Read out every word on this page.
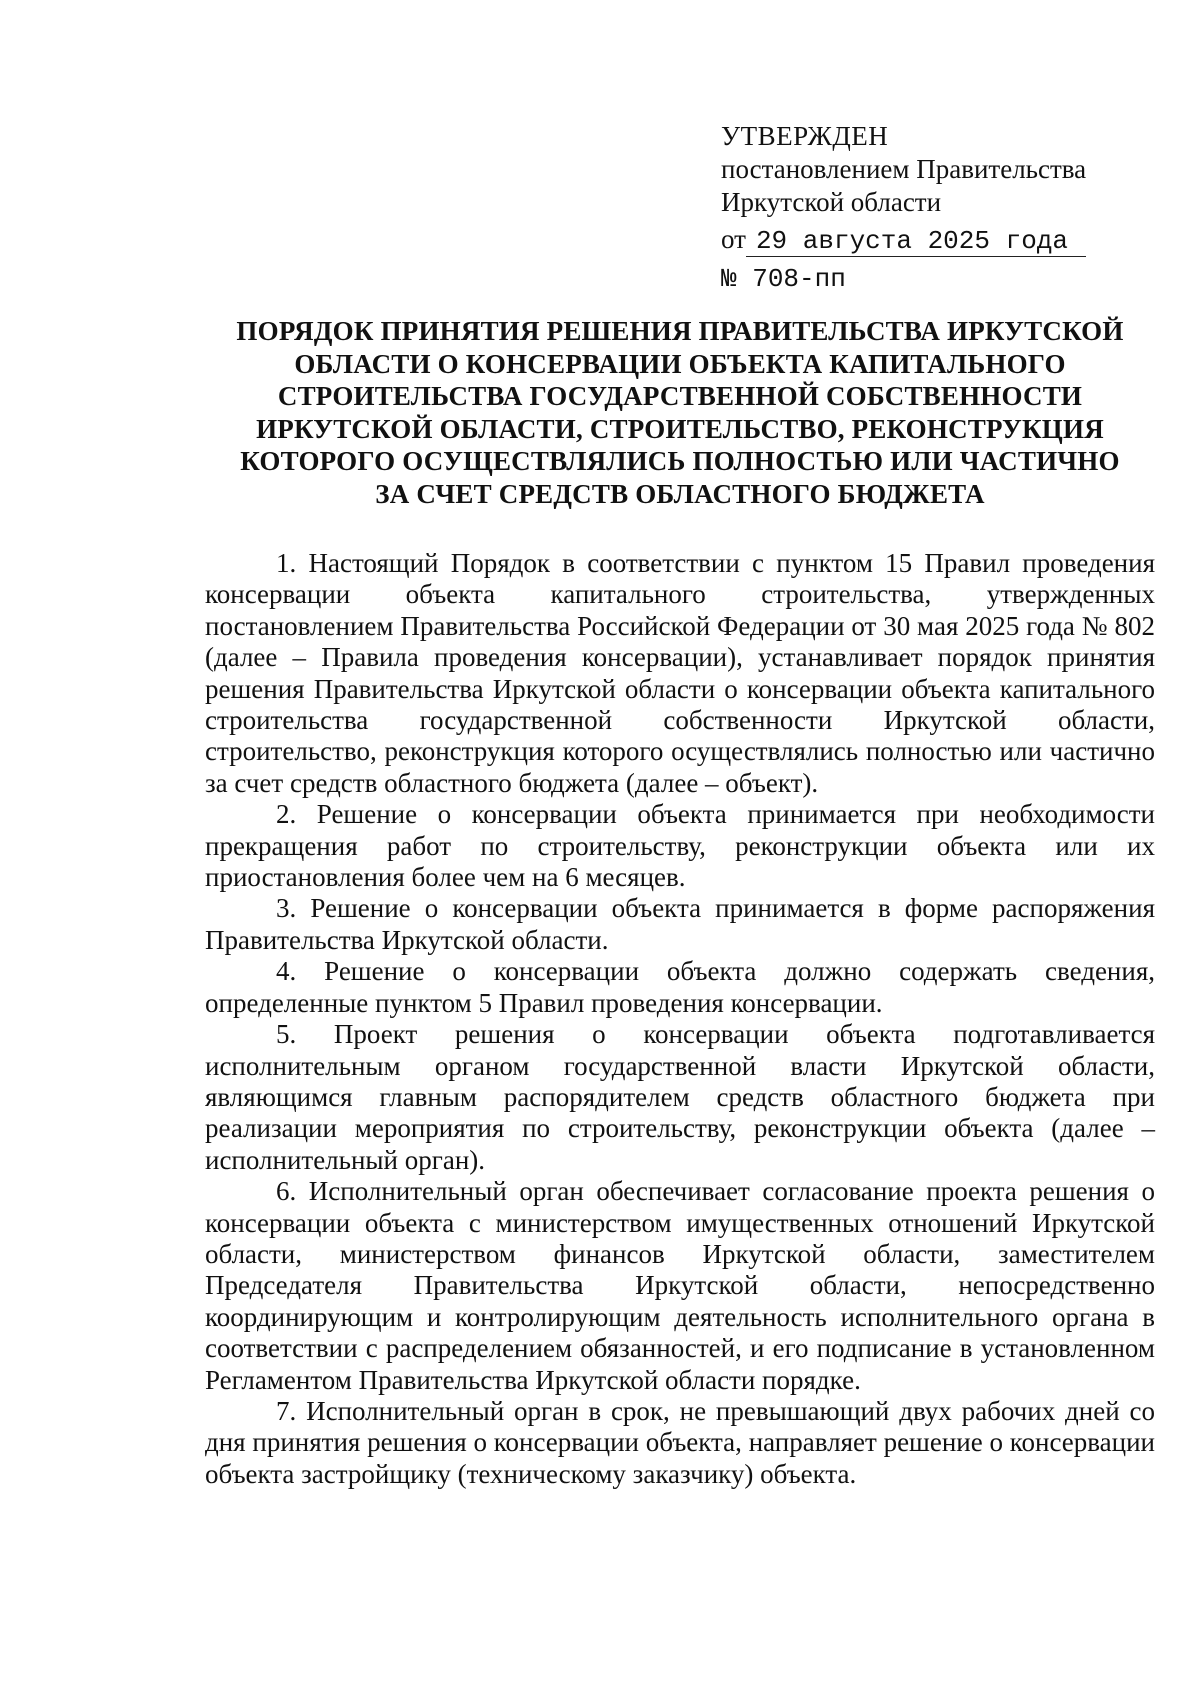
УТВЕРЖДЕН
постановлением Правительства
Иркутской области
от 29 августа 2025 года
№ 708-пп
ПОРЯДОК ПРИНЯТИЯ РЕШЕНИЯ ПРАВИТЕЛЬСТВА ИРКУТСКОЙ
ОБЛАСТИ О КОНСЕРВАЦИИ ОБЪЕКТА КАПИТАЛЬНОГО
СТРОИТЕЛЬСТВА ГОСУДАРСТВЕННОЙ СОБСТВЕННОСТИ
ИРКУТСКОЙ ОБЛАСТИ, СТРОИТЕЛЬСТВО, РЕКОНСТРУКЦИЯ
КОТОРОГО ОСУЩЕСТВЛЯЛИСЬ ПОЛНОСТЬЮ ИЛИ ЧАСТИЧНО
ЗА СЧЕТ СРЕДСТВ ОБЛАСТНОГО БЮДЖЕТА

1. Настоящий Порядок в соответствии с пунктом 15 Правил проведения консервации объекта капитального строительства, утвержденных постановлением Правительства Российской Федерации от 30 мая 2025 года № 802 (далее – Правила проведения консервации), устанавливает порядок принятия решения Правительства Иркутской области о консервации объекта капитального строительства государственной собственности Иркутской области, строительство, реконструкция которого осуществлялись полностью или частично за счет средств областного бюджета (далее – объект).

2. Решение о консервации объекта принимается при необходимости прекращения работ по строительству, реконструкции объекта или их приостановления более чем на 6 месяцев.

3. Решение о консервации объекта принимается в форме распоряжения Правительства Иркутской области.

4. Решение о консервации объекта должно содержать сведения, определенные пунктом 5 Правил проведения консервации.

5. Проект решения о консервации объекта подготавливается исполнительным органом государственной власти Иркутской области, являющимся главным распорядителем средств областного бюджета при реализации мероприятия по строительству, реконструкции объекта (далее – исполнительный орган).

6. Исполнительный орган обеспечивает согласование проекта решения о консервации объекта с министерством имущественных отношений Иркутской области, министерством финансов Иркутской области, заместителем Председателя Правительства Иркутской области, непосредственно координирующим и контролирующим деятельность исполнительного органа в соответствии с распределением обязанностей, и его подписание в установленном Регламентом Правительства Иркутской области порядке.

7. Исполнительный орган в срок, не превышающий двух рабочих дней со дня принятия решения о консервации объекта, направляет решение о консервации объекта застройщику (техническому заказчику) объекта.
